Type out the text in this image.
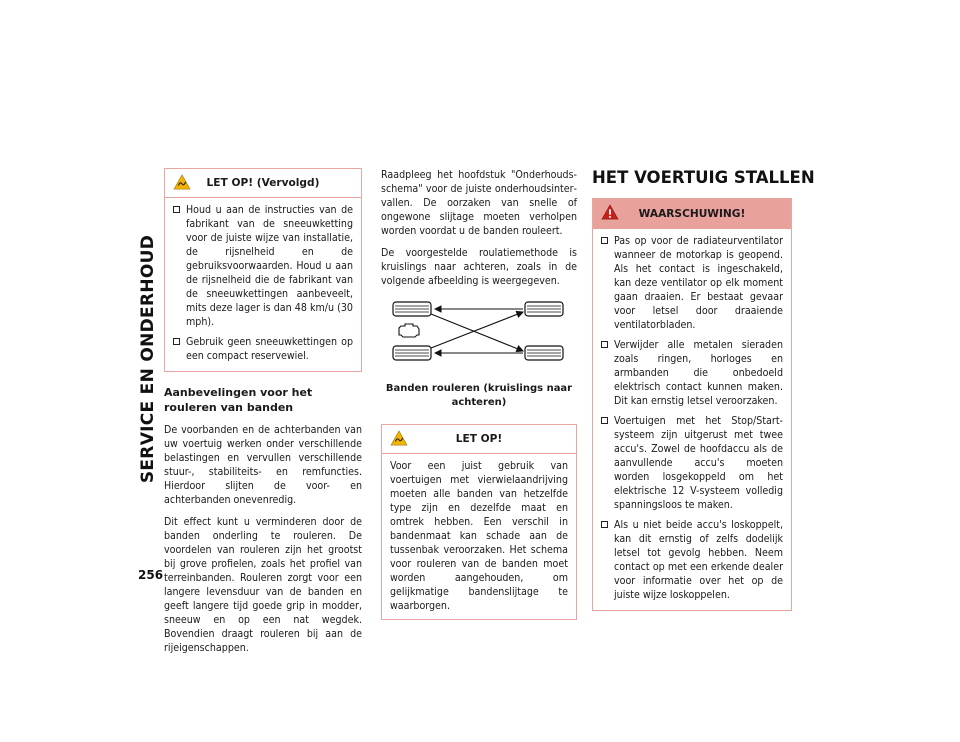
SERVICE EN ONDERHOUD
256
LET OP! (Vervolgd)
Houd u aan de instructies van de fabrikant van de sneeuwketting voor de juiste wijze van installatie, de rijsnelheid en de gebruiksvoorwaarden. Houd u aan de rijsnelheid die de fabrikant van de sneeuwkettingen aanbeveelt, mits deze lager is dan 48 km/u (30 mph).
Gebruik geen sneeuwkettingen op een compact reservewiel.
Aanbevelingen voor het rouleren van banden

De voorbanden en de achterbanden van uw voertuig werken onder verschillende belastingen en vervullen verschillende stuur-, stabiliteits- en remfuncties. Hierdoor slijten de voor- en achterbanden onevenredig.

Dit effect kunt u verminderen door de banden onderling te rouleren. De voordelen van rouleren zijn het grootst bij grove profielen, zoals het profiel van terreinbanden. Rouleren zorgt voor een langere levensduur van de banden en geeft langere tijd goede grip in modder, sneeuw en op een nat wegdek. Bovendien draagt rouleren bij aan de rijeigenschappen.

Raadpleeg het hoofdstuk "Onderhoudsschema" voor de juiste onderhoudsintervallen. De oorzaken van snelle of ongewone slijtage moeten verholpen worden voordat u de banden rouleert.

De voorgestelde roulatiemethode is kruislings naar achteren, zoals in de volgende afbeelding is weergegeven.

Banden rouleren (kruislings naar achteren)
LET OP!
Voor een juist gebruik van voertuigen met vierwielaandrijving moeten alle banden van hetzelfde type zijn en dezelfde maat en omtrek hebben. Een verschil in bandenmaat kan schade aan de tussenbak veroorzaken. Het schema voor rouleren van de banden moet worden aangehouden, om gelijkmatige bandenslijtage te waarborgen.
HET VOERTUIG STALLEN
WAARSCHUWING!
Pas op voor de radiateurventilator wanneer de motorkap is geopend. Als het contact is ingeschakeld, kan deze ventilator op elk moment gaan draaien. Er bestaat gevaar voor letsel door draaiende ventilatorbladen.
Verwijder alle metalen sieraden zoals ringen, horloges en armbanden die onbedoeld elektrisch contact kunnen maken. Dit kan ernstig letsel veroorzaken.
Voertuigen met het Stop/Start-systeem zijn uitgerust met twee accu's. Zowel de hoofdaccu als de aanvullende accu's moeten worden losgekoppeld om het elektrische 12 V-systeem volledig spanningsloos te maken.
Als u niet beide accu's loskoppelt, kan dit ernstig of zelfs dodelijk letsel tot gevolg hebben. Neem contact op met een erkende dealer voor informatie over het op de juiste wijze loskoppelen.
